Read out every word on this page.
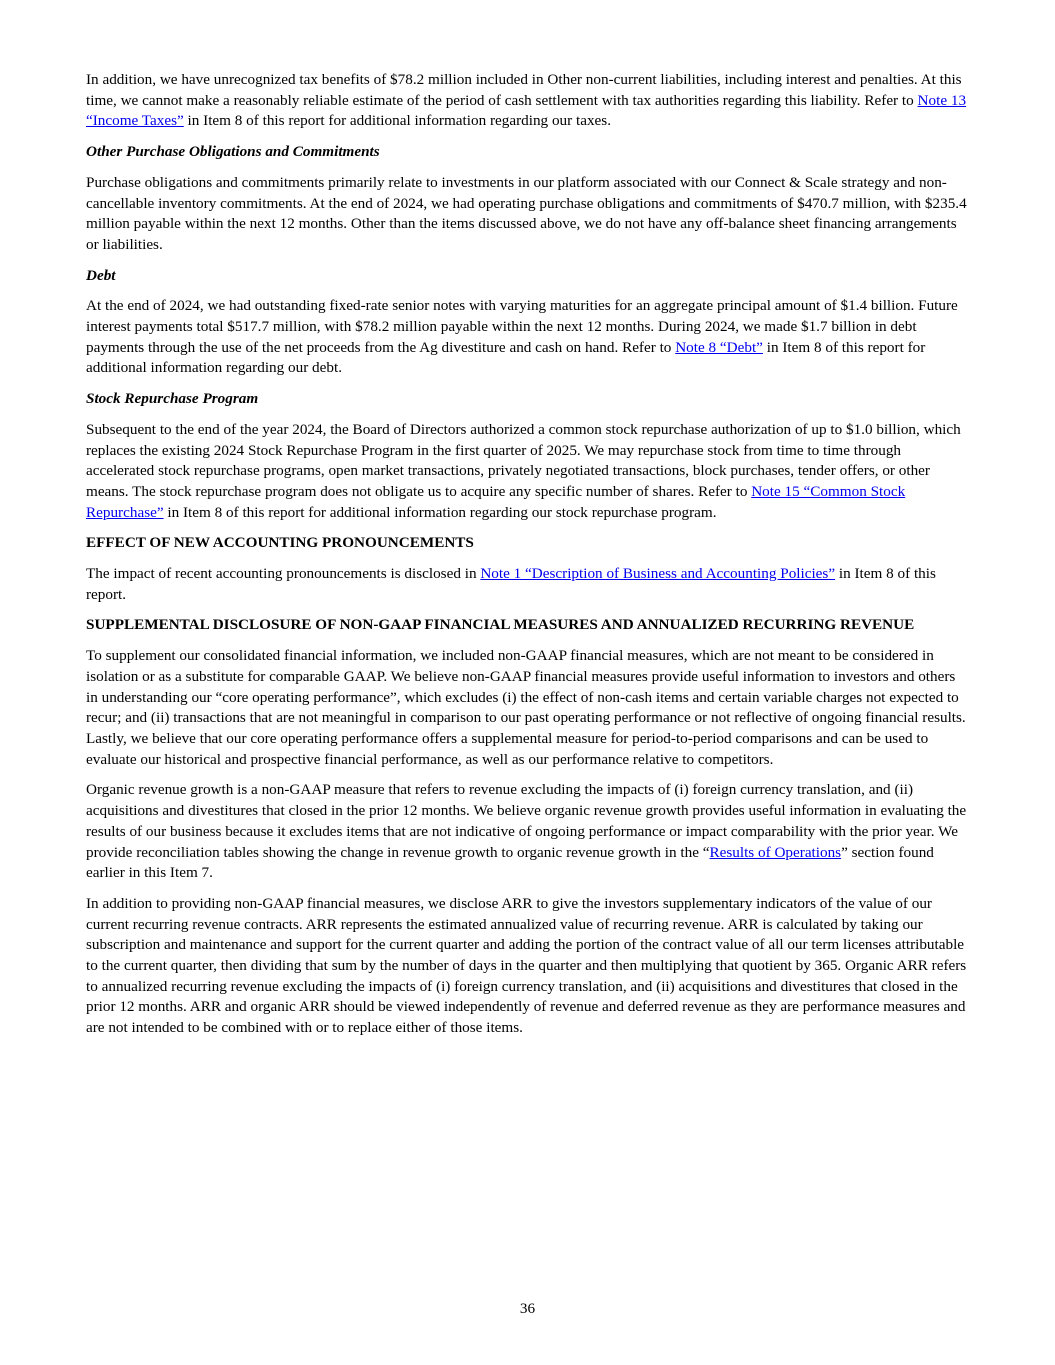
In addition, we have unrecognized tax benefits of $78.2 million included in Other non-current liabilities, including interest and penalties. At this time, we cannot make a reasonably reliable estimate of the period of cash settlement with tax authorities regarding this liability. Refer to Note 13 “Income Taxes” in Item 8 of this report for additional information regarding our taxes.

Other Purchase Obligations and Commitments

Purchase obligations and commitments primarily relate to investments in our platform associated with our Connect & Scale strategy and non-cancellable inventory commitments. At the end of 2024, we had operating purchase obligations and commitments of $470.7 million, with $235.4 million payable within the next 12 months. Other than the items discussed above, we do not have any off-balance sheet financing arrangements or liabilities.

Debt

At the end of 2024, we had outstanding fixed-rate senior notes with varying maturities for an aggregate principal amount of $1.4 billion. Future interest payments total $517.7 million, with $78.2 million payable within the next 12 months. During 2024, we made $1.7 billion in debt payments through the use of the net proceeds from the Ag divestiture and cash on hand. Refer to Note 8 “Debt” in Item 8 of this report for additional information regarding our debt.

Stock Repurchase Program

Subsequent to the end of the year 2024, the Board of Directors authorized a common stock repurchase authorization of up to $1.0 billion, which replaces the existing 2024 Stock Repurchase Program in the first quarter of 2025. We may repurchase stock from time to time through accelerated stock repurchase programs, open market transactions, privately negotiated transactions, block purchases, tender offers, or other means. The stock repurchase program does not obligate us to acquire any specific number of shares. Refer to Note 15 “Common Stock Repurchase” in Item 8 of this report for additional information regarding our stock repurchase program.

EFFECT OF NEW ACCOUNTING PRONOUNCEMENTS

The impact of recent accounting pronouncements is disclosed in Note 1 “Description of Business and Accounting Policies” in Item 8 of this report.

SUPPLEMENTAL DISCLOSURE OF NON-GAAP FINANCIAL MEASURES AND ANNUALIZED RECURRING REVENUE

To supplement our consolidated financial information, we included non-GAAP financial measures, which are not meant to be considered in isolation or as a substitute for comparable GAAP. We believe non-GAAP financial measures provide useful information to investors and others in understanding our “core operating performance”, which excludes (i) the effect of non-cash items and certain variable charges not expected to recur; and (ii) transactions that are not meaningful in comparison to our past operating performance or not reflective of ongoing financial results. Lastly, we believe that our core operating performance offers a supplemental measure for period-to-period comparisons and can be used to evaluate our historical and prospective financial performance, as well as our performance relative to competitors.

Organic revenue growth is a non-GAAP measure that refers to revenue excluding the impacts of (i) foreign currency translation, and (ii) acquisitions and divestitures that closed in the prior 12 months. We believe organic revenue growth provides useful information in evaluating the results of our business because it excludes items that are not indicative of ongoing performance or impact comparability with the prior year. We provide reconciliation tables showing the change in revenue growth to organic revenue growth in the “Results of Operations” section found earlier in this Item 7.

In addition to providing non-GAAP financial measures, we disclose ARR to give the investors supplementary indicators of the value of our current recurring revenue contracts. ARR represents the estimated annualized value of recurring revenue. ARR is calculated by taking our subscription and maintenance and support for the current quarter and adding the portion of the contract value of all our term licenses attributable to the current quarter, then dividing that sum by the number of days in the quarter and then multiplying that quotient by 365. Organic ARR refers to annualized recurring revenue excluding the impacts of (i) foreign currency translation, and (ii) acquisitions and divestitures that closed in the prior 12 months. ARR and organic ARR should be viewed independently of revenue and deferred revenue as they are performance measures and are not intended to be combined with or to replace either of those items.

36
